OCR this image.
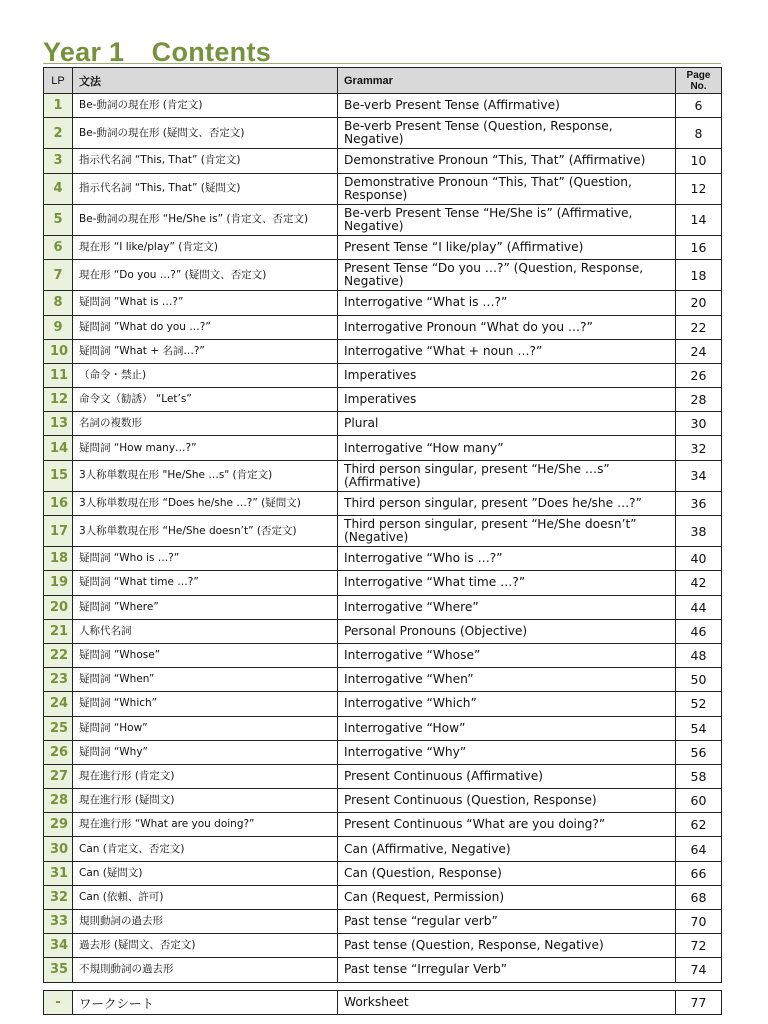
Year 1　Contents
LP	文法	Grammar	Page
No.
1	Be-動詞の現在形 (肯定文)	Be-verb Present Tense (Affirmative)	6
2	Be-動詞の現在形 (疑問文、否定文)	Be-verb Present Tense (Question, Response, Negative)	8
3	指示代名詞 “This, That” (肯定文)	Demonstrative Pronoun “This, That” (Affirmative)	10
4	指示代名詞 “This, That” (疑問文)	Demonstrative Pronoun “This, That” (Question, Response)	12
5	Be-動詞の現在形 “He/She is” (肯定文、否定文)	Be-verb Present Tense “He/She is” (Affirmative, Negative)	14
6	現在形 “I like/play” (肯定文)	Present Tense “I like/play” (Affirmative)	16
7	現在形 “Do you …?” (疑問文、否定文)	Present Tense “Do you …?” (Question, Response, Negative)	18
8	疑問詞 ”What is …?”	Interrogative “What is …?”	20
9	疑問詞 ”What do you …?”	Interrogative Pronoun “What do you …?”	22
10	疑問詞 ”What + 名詞…?”	Interrogative “What + noun …?”	24
11	（命令・禁止)	Imperatives	26
12	命令文（勧誘） “Let’s”	Imperatives	28
13	名詞の複数形	Plural	30
14	疑問詞 “How many…?”	Interrogative “How many”	32
15	3人称単数現在形 "He/She …s" (肯定文)	Third person singular, present “He/She …s” (Affirmative)	34
16	3人称単数現在形 “Does he/she …?” (疑問文)	Third person singular, present ”Does he/she …?”	36
17	3人称単数現在形 “He/She doesn’t” (否定文)	Third person singular, present “He/She doesn’t” (Negative)	38
18	疑問詞 “Who is …?”	Interrogative “Who is …?”	40
19	疑問詞 “What time …?”	Interrogative “What time …?”	42
20	疑問詞 ”Where”	Interrogative “Where”	44
21	人称代名詞	Personal Pronouns (Objective)	46
22	疑問詞 ”Whose”	Interrogative “Whose”	48
23	疑問詞 “When”	Interrogative “When”	50
24	疑問詞 “Which”	Interrogative “Which”	52
25	疑問詞 “How”	Interrogative “How”	54
26	疑問詞 “Why”	Interrogative “Why”	56
27	現在進行形 (肯定文)	Present Continuous (Affirmative)	58
28	現在進行形 (疑問文)	Present Continuous (Question, Response)	60
29	現在進行形 “What are you doing?”	Present Continuous “What are you doing?”	62
30	Can (肯定文、否定文)	Can (Affirmative, Negative)	64
31	Can (疑問文)	Can (Question, Response)	66
32	Can (依頼、許可)	Can (Request, Permission)	68
33	規則動詞の過去形	Past tense “regular verb”	70
34	過去形 (疑問文、否定文)	Past tense (Question, Response, Negative)	72
35	不規則動詞の過去形	Past tense “Irregular Verb”	74
-	ワークシート	Worksheet	77
